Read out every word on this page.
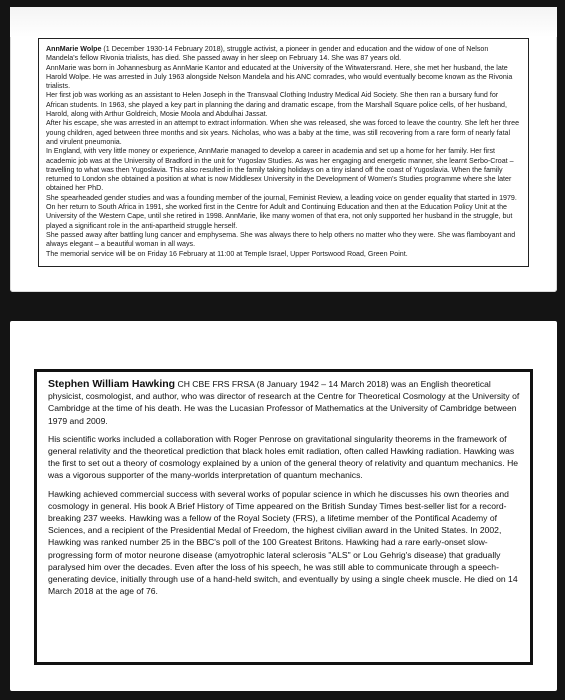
AnnMarie Wolpe (1 December 1930-14 February 2018), struggle activist, a pioneer in gender and education and the widow of one of Nelson Mandela's fellow Rivonia trialists, has died. She passed away in her sleep on February 14. She was 87 years old.

AnnMarie was born in Johannesburg as AnnMarie Kantor and educated at the University of the Witwatersrand. Here, she met her husband, the late Harold Wolpe. He was arrested in July 1963 alongside Nelson Mandela and his ANC comrades, who would eventually become known as the Rivonia trialists.

Her first job was working as an assistant to Helen Joseph in the Transvaal Clothing Industry Medical Aid Society. She then ran a bursary fund for African students. In 1963, she played a key part in planning the daring and dramatic escape, from the Marshall Square police cells, of her husband, Harold, along with Arthur Goldreich, Mosie Moola and Abdulhai Jassat.

After his escape, she was arrested in an attempt to extract information. When she was released, she was forced to leave the country. She left her three young children, aged between three months and six years. Nicholas, who was a baby at the time, was still recovering from a rare form of nearly fatal and virulent pneumonia.

In England, with very little money or experience, AnnMarie managed to develop a career in academia and set up a home for her family. Her first academic job was at the University of Bradford in the unit for Yugoslav Studies. As was her engaging and energetic manner, she learnt Serbo-Croat – travelling to what was then Yugoslavia. This also resulted in the family taking holidays on a tiny island off the coast of Yugoslavia. When the family returned to London she obtained a position at what is now Middlesex University in the Development of Women's Studies programme where she later obtained her PhD.

She spearheaded gender studies and was a founding member of the journal, Feminist Review, a leading voice on gender equality that started in 1979.

On her return to South Africa in 1991, she worked first in the Centre for Adult and Continuing Education and then at the Education Policy Unit at the University of the Western Cape, until she retired in 1998. AnnMarie, like many women of that era, not only supported her husband in the struggle, but played a significant role in the anti-apartheid struggle herself.

She passed away after battling lung cancer and emphysema. She was always there to help others no matter who they were. She was flamboyant and always elegant – a beautiful woman in all ways.

The memorial service will be on Friday 16 February at 11:00 at Temple Israel, Upper Portswood Road, Green Point.

Stephen William Hawking CH CBE FRS FRSA (8 January 1942 – 14 March 2018) was an English theoretical physicist, cosmologist, and author, who was director of research at the Centre for Theoretical Cosmology at the University of Cambridge at the time of his death. He was the Lucasian Professor of Mathematics at the University of Cambridge between 1979 and 2009.

His scientific works included a collaboration with Roger Penrose on gravitational singularity theorems in the framework of general relativity and the theoretical prediction that black holes emit radiation, often called Hawking radiation. Hawking was the first to set out a theory of cosmology explained by a union of the general theory of relativity and quantum mechanics. He was a vigorous supporter of the many-worlds interpretation of quantum mechanics.

Hawking achieved commercial success with several works of popular science in which he discusses his own theories and cosmology in general. His book A Brief History of Time appeared on the British Sunday Times best-seller list for a record-breaking 237 weeks. Hawking was a fellow of the Royal Society (FRS), a lifetime member of the Pontifical Academy of Sciences, and a recipient of the Presidential Medal of Freedom, the highest civilian award in the United States. In 2002, Hawking was ranked number 25 in the BBC's poll of the 100 Greatest Britons. Hawking had a rare early-onset slow-progressing form of motor neurone disease (amyotrophic lateral sclerosis "ALS" or Lou Gehrig's disease) that gradually paralysed him over the decades. Even after the loss of his speech, he was still able to communicate through a speech-generating device, initially through use of a hand-held switch, and eventually by using a single cheek muscle. He died on 14 March 2018 at the age of 76.
